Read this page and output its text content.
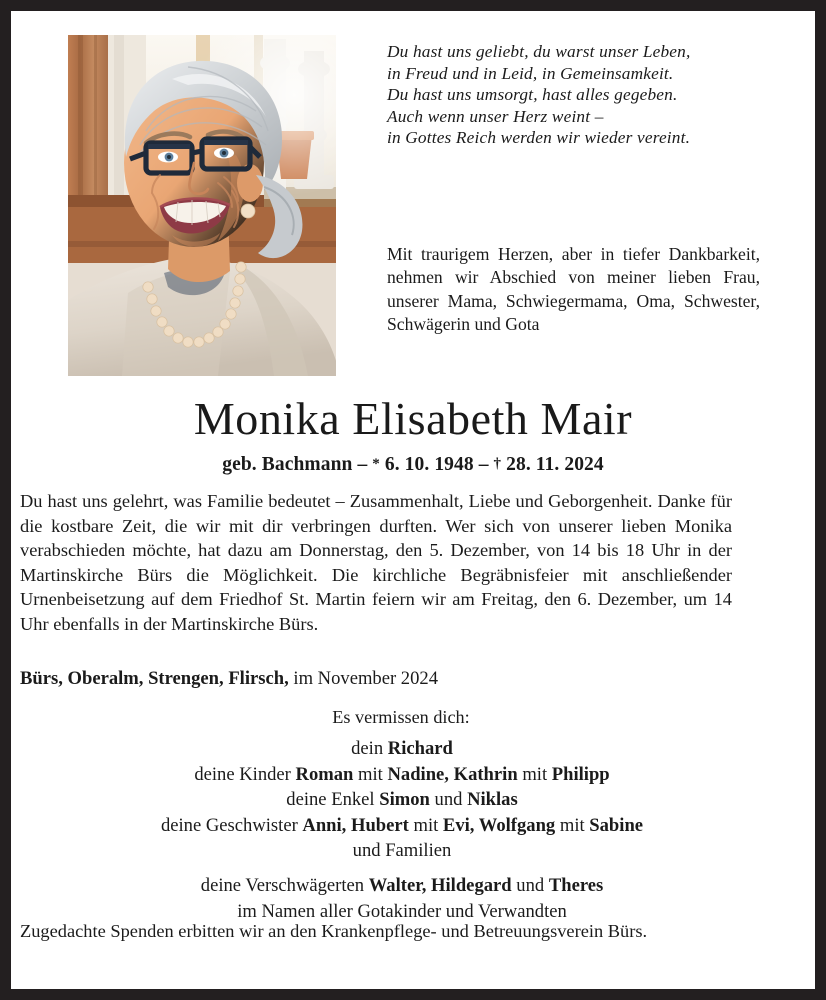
Du hast uns geliebt, du warst unser Leben,
in Freud und in Leid, in Gemeinsamkeit.
Du hast uns umsorgt, hast alles gegeben.
Auch wenn unser Herz weint –
in Gottes Reich werden wir wieder vereint.
Mit traurigem Herzen, aber in tiefer Dankbarkeit, nehmen wir Abschied von meiner lieben Frau, unserer Mama, Schwiegermama, Oma, Schwester, Schwägerin und Gota
Monika Elisabeth Mair
geb. Bachmann – * 6. 10. 1948 – † 28. 11. 2024
Du hast uns gelehrt, was Familie bedeutet – Zusammenhalt, Liebe und Geborgenheit. Danke für die kostbare Zeit, die wir mit dir verbringen durften. Wer sich von unserer lieben Monika verabschieden möchte, hat dazu am Donnerstag, den 5. Dezember, von 14 bis 18 Uhr in der Martinskirche Bürs die Möglichkeit. Die kirchliche Begräbnisfeier mit anschließender Urnenbeisetzung auf dem Friedhof St. Martin feiern wir am Freitag, den 6. Dezember, um 14 Uhr ebenfalls in der Martinskirche Bürs.
Bürs, Oberalm, Strengen, Flirsch, im November 2024
Es vermissen dich:
dein Richard
deine Kinder Roman mit Nadine, Kathrin mit Philipp
deine Enkel Simon und Niklas
deine Geschwister Anni, Hubert mit Evi, Wolfgang mit Sabine
und Familien
deine Verschwägerten Walter, Hildegard und Theres
im Namen aller Gotakinder und Verwandten
Zugedachte Spenden erbitten wir an den Krankenpflege- und Betreuungsverein Bürs.
